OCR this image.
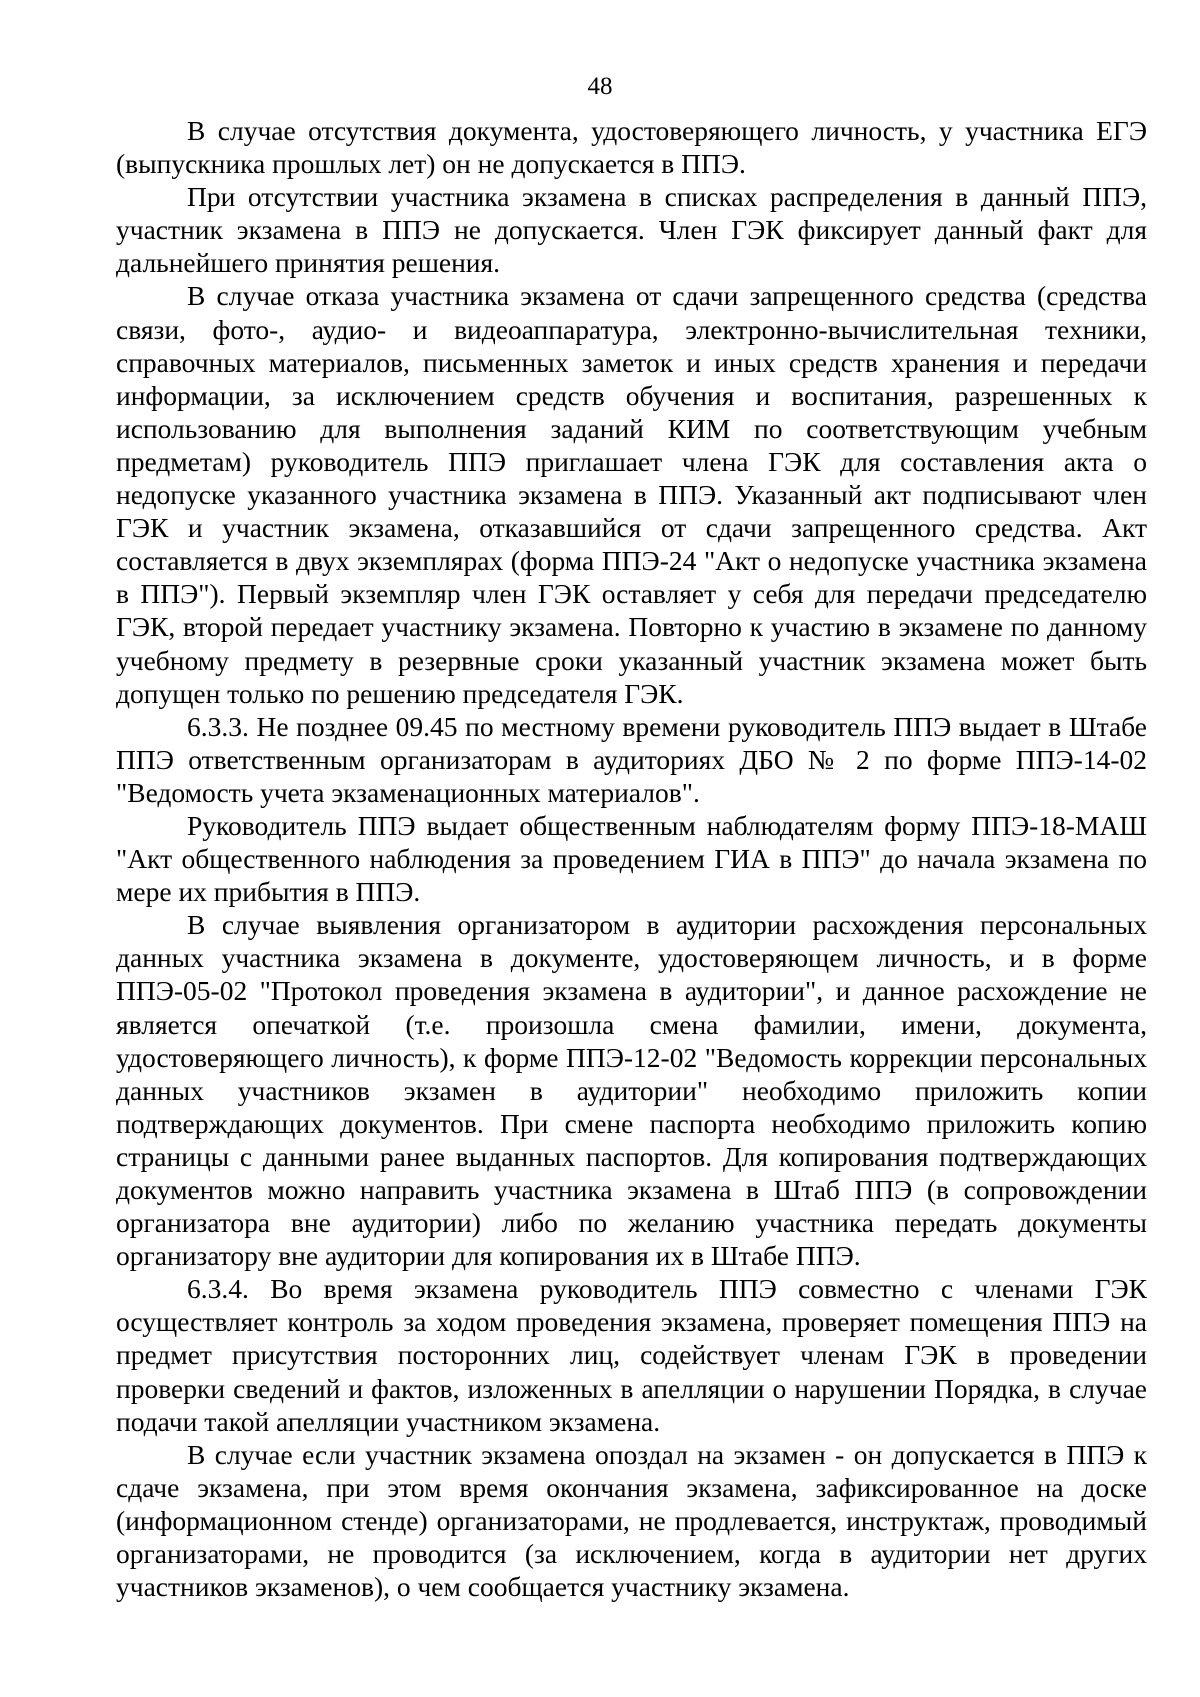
48

В случае отсутствия документа, удостоверяющего личность, у участника ЕГЭ (выпускника прошлых лет) он не допускается в ППЭ.

При отсутствии участника экзамена в списках распределения в данный ППЭ, участник экзамена в ППЭ не допускается. Член ГЭК фиксирует данный факт для дальнейшего принятия решения.

В случае отказа участника экзамена от сдачи запрещенного средства (средства связи, фото-, аудио- и видеоаппаратура, электронно-вычислительная техники, справочных материалов, письменных заметок и иных средств хранения и передачи информации, за исключением средств обучения и воспитания, разрешенных к использованию для выполнения заданий КИМ по соответствующим учебным предметам) руководитель ППЭ приглашает члена ГЭК для составления акта о недопуске указанного участника экзамена в ППЭ. Указанный акт подписывают член ГЭК и участник экзамена, отказавшийся от сдачи запрещенного средства. Акт составляется в двух экземплярах (форма ППЭ-24 "Акт о недопуске участника экзамена в ППЭ"). Первый экземпляр член ГЭК оставляет у себя для передачи председателю ГЭК, второй передает участнику экзамена. Повторно к участию в экзамене по данному учебному предмету в резервные сроки указанный участник экзамена может быть допущен только по решению председателя ГЭК.

6.3.3. Не позднее 09.45 по местному времени руководитель ППЭ выдает в Штабе ППЭ ответственным организаторам в аудиториях ДБО № 2 по форме ППЭ-14-02 "Ведомость учета экзаменационных материалов".

Руководитель ППЭ выдает общественным наблюдателям форму ППЭ-18-МАШ "Акт общественного наблюдения за проведением ГИА в ППЭ" до начала экзамена по мере их прибытия в ППЭ.

В случае выявления организатором в аудитории расхождения персональных данных участника экзамена в документе, удостоверяющем личность, и в форме ППЭ-05-02 "Протокол проведения экзамена в аудитории", и данное расхождение не является опечаткой (т.е. произошла смена фамилии, имени, документа, удостоверяющего личность), к форме ППЭ-12-02 "Ведомость коррекции персональных данных участников экзамен в аудитории" необходимо приложить копии подтверждающих документов. При смене паспорта необходимо приложить копию страницы с данными ранее выданных паспортов. Для копирования подтверждающих документов можно направить участника экзамена в Штаб ППЭ (в сопровождении организатора вне аудитории) либо по желанию участника передать документы организатору вне аудитории для копирования их в Штабе ППЭ.

6.3.4. Во время экзамена руководитель ППЭ совместно с членами ГЭК осуществляет контроль за ходом проведения экзамена, проверяет помещения ППЭ на предмет присутствия посторонних лиц, содействует членам ГЭК в проведении проверки сведений и фактов, изложенных в апелляции о нарушении Порядка, в случае подачи такой апелляции участником экзамена.

В случае если участник экзамена опоздал на экзамен - он допускается в ППЭ к сдаче экзамена, при этом время окончания экзамена, зафиксированное на доске (информационном стенде) организаторами, не продлевается, инструктаж, проводимый организаторами, не проводится (за исключением, когда в аудитории нет других участников экзаменов), о чем сообщается участнику экзамена.
